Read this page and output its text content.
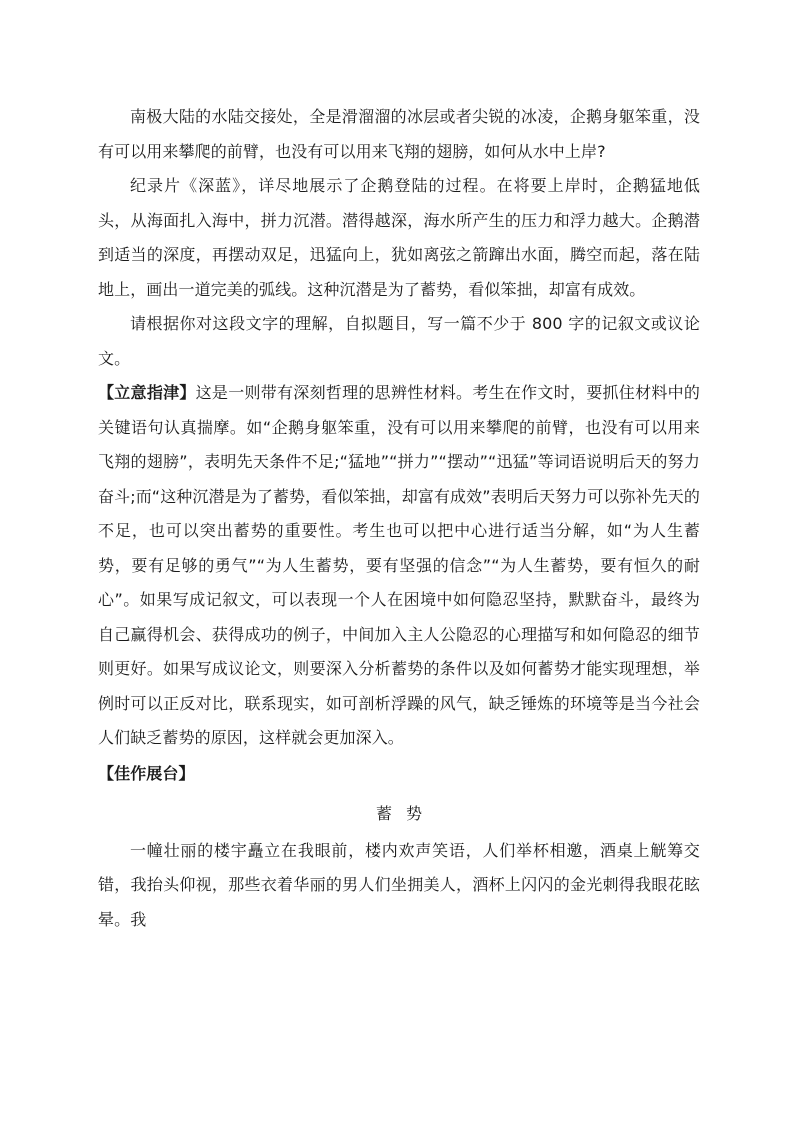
南极大陆的水陆交接处，全是滑溜溜的冰层或者尖锐的冰凌，企鹅身躯笨重，没有可以用来攀爬的前臂，也没有可以用来飞翔的翅膀，如何从水中上岸?

纪录片《深蓝》，详尽地展示了企鹅登陆的过程。在将要上岸时，企鹅猛地低头，从海面扎入海中，拼力沉潜。潜得越深，海水所产生的压力和浮力越大。企鹅潜到适当的深度，再摆动双足，迅猛向上，犹如离弦之箭蹿出水面，腾空而起，落在陆地上，画出一道完美的弧线。这种沉潜是为了蓄势，看似笨拙，却富有成效。

请根据你对这段文字的理解，自拟题目，写一篇不少于 800 字的记叙文或议论文。

【立意指津】这是一则带有深刻哲理的思辨性材料。考生在作文时，要抓住材料中的关键语句认真揣摩。如“企鹅身躯笨重，没有可以用来攀爬的前臂，也没有可以用来飞翔的翅膀”，表明先天条件不足;“猛地”“拼力”“摆动”“迅猛”等词语说明后天的努力奋斗;而“这种沉潜是为了蓄势，看似笨拙，却富有成效”表明后天努力可以弥补先天的不足，也可以突出蓄势的重要性。考生也可以把中心进行适当分解，如“为人生蓄势，要有足够的勇气”“为人生蓄势，要有坚强的信念”“为人生蓄势，要有恒久的耐心”。如果写成记叙文，可以表现一个人在困境中如何隐忍坚持，默默奋斗，最终为自己赢得机会、获得成功的例子，中间加入主人公隐忍的心理描写和如何隐忍的细节则更好。如果写成议论文，则要深入分析蓄势的条件以及如何蓄势才能实现理想，举例时可以正反对比，联系现实，如可剖析浮躁的风气，缺乏锤炼的环境等是当今社会人们缺乏蓄势的原因，这样就会更加深入。

【佳作展台】

蓄势

一幢壮丽的楼宇矗立在我眼前，楼内欢声笑语，人们举杯相邀，酒桌上觥筹交错，我抬头仰视，那些衣着华丽的男人们坐拥美人，酒杯上闪闪的金光刺得我眼花眩晕。我
